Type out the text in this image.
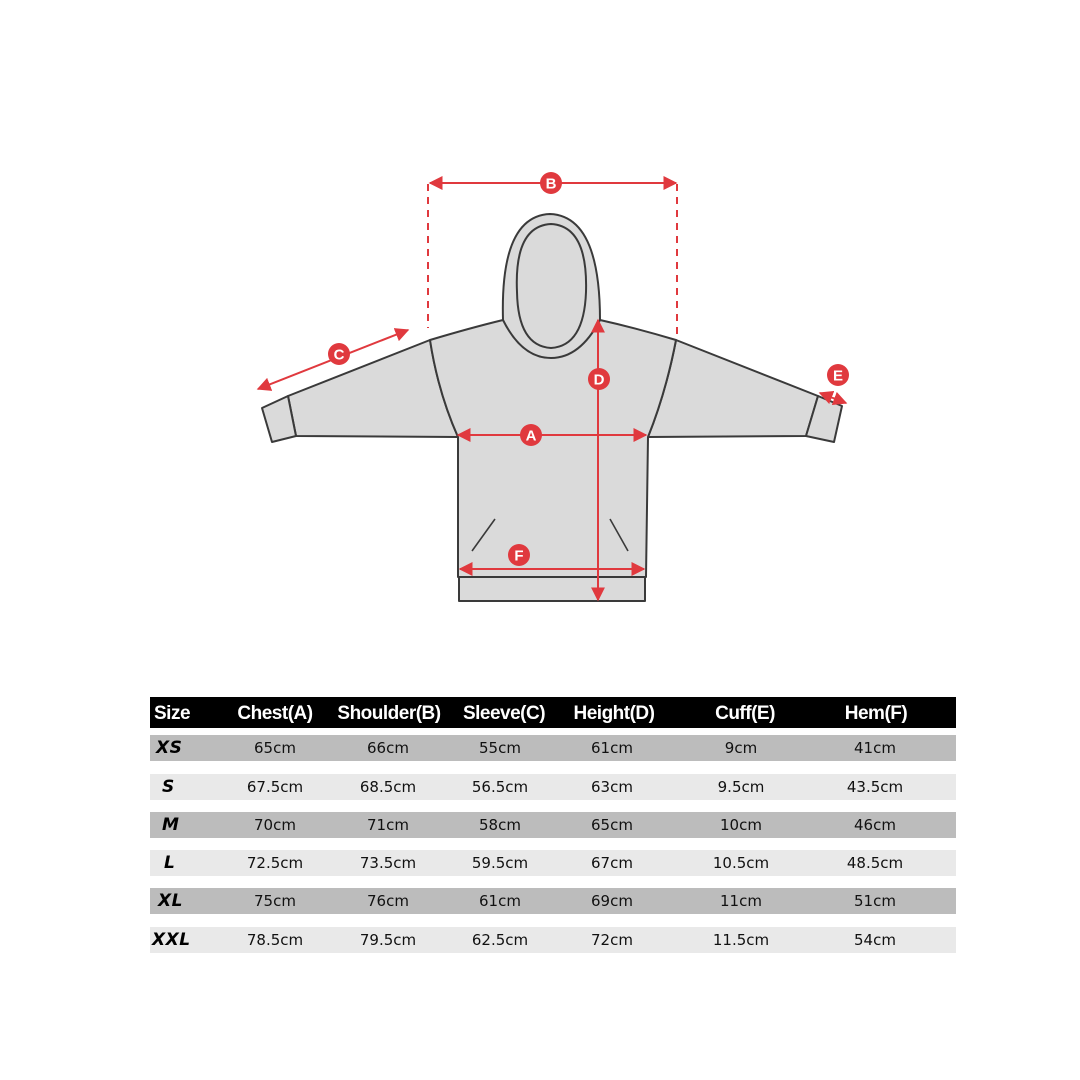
A
B
C
D	E
F
Size	Chest(A)	Shoulder(B)	Sleeve(C)	Height(D)	Cuff(E)	Hem(F)
XS	65cm	66cm	55cm	61cm	9cm	41cm
S	67.5cm	68.5cm	56.5cm	63cm	9.5cm	43.5cm
M	70cm	71cm	58cm	65cm	10cm	46cm
L	72.5cm	73.5cm	59.5cm	67cm	10.5cm	48.5cm
XL	75cm	76cm	61cm	69cm	11cm	51cm
XXL	78.5cm	79.5cm	62.5cm	72cm	11.5cm	54cm
